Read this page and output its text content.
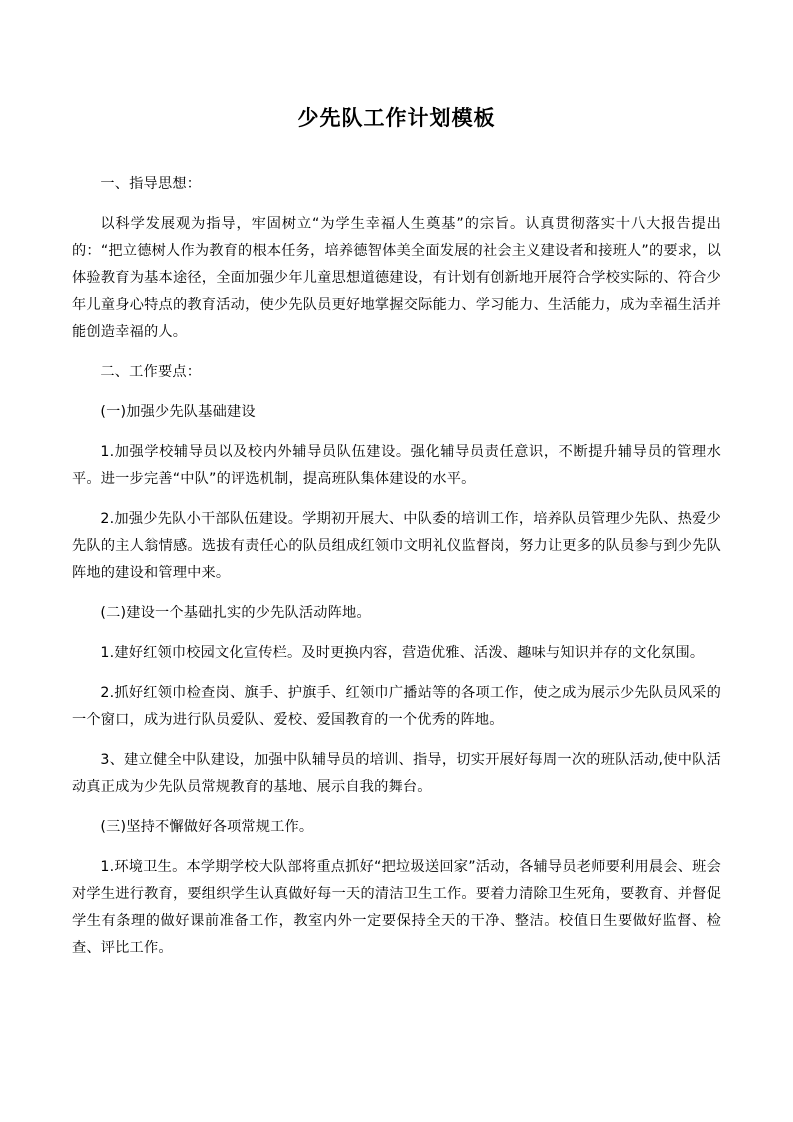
少先队工作计划模板

一、指导思想：

以科学发展观为指导，牢固树立“为学生幸福人生奠基”的宗旨。认真贯彻落实十八大报告提出的：“把立德树人作为教育的根本任务，培养德智体美全面发展的社会主义建设者和接班人”的要求，以体验教育为基本途径，全面加强少年儿童思想道德建设，有计划有创新地开展符合学校实际的、符合少年儿童身心特点的教育活动，使少先队员更好地掌握交际能力、学习能力、生活能力，成为幸福生活并能创造幸福的人。

二、工作要点：

(一)加强少先队基础建设

1.加强学校辅导员以及校内外辅导员队伍建设。强化辅导员责任意识，不断提升辅导员的管理水平。进一步完善“中队”的评选机制，提高班队集体建设的水平。

2.加强少先队小干部队伍建设。学期初开展大、中队委的培训工作，培养队员管理少先队、热爱少先队的主人翁情感。选拔有责任心的队员组成红领巾文明礼仪监督岗，努力让更多的队员参与到少先队阵地的建设和管理中来。

(二)建设一个基础扎实的少先队活动阵地。

1.建好红领巾校园文化宣传栏。及时更换内容，营造优雅、活泼、趣味与知识并存的文化氛围。

2.抓好红领巾检查岗、旗手、护旗手、红领巾广播站等的各项工作，使之成为展示少先队员风采的一个窗口，成为进行队员爱队、爱校、爱国教育的一个优秀的阵地。

3、建立健全中队建设，加强中队辅导员的培训、指导，切实开展好每周一次的班队活动,使中队活动真正成为少先队员常规教育的基地、展示自我的舞台。

(三)坚持不懈做好各项常规工作。

1.环境卫生。本学期学校大队部将重点抓好“把垃圾送回家”活动，各辅导员老师要利用晨会、班会对学生进行教育，要组织学生认真做好每一天的清洁卫生工作。要着力清除卫生死角，要教育、并督促学生有条理的做好课前准备工作，教室内外一定要保持全天的干净、整洁。校值日生要做好监督、检查、评比工作。
